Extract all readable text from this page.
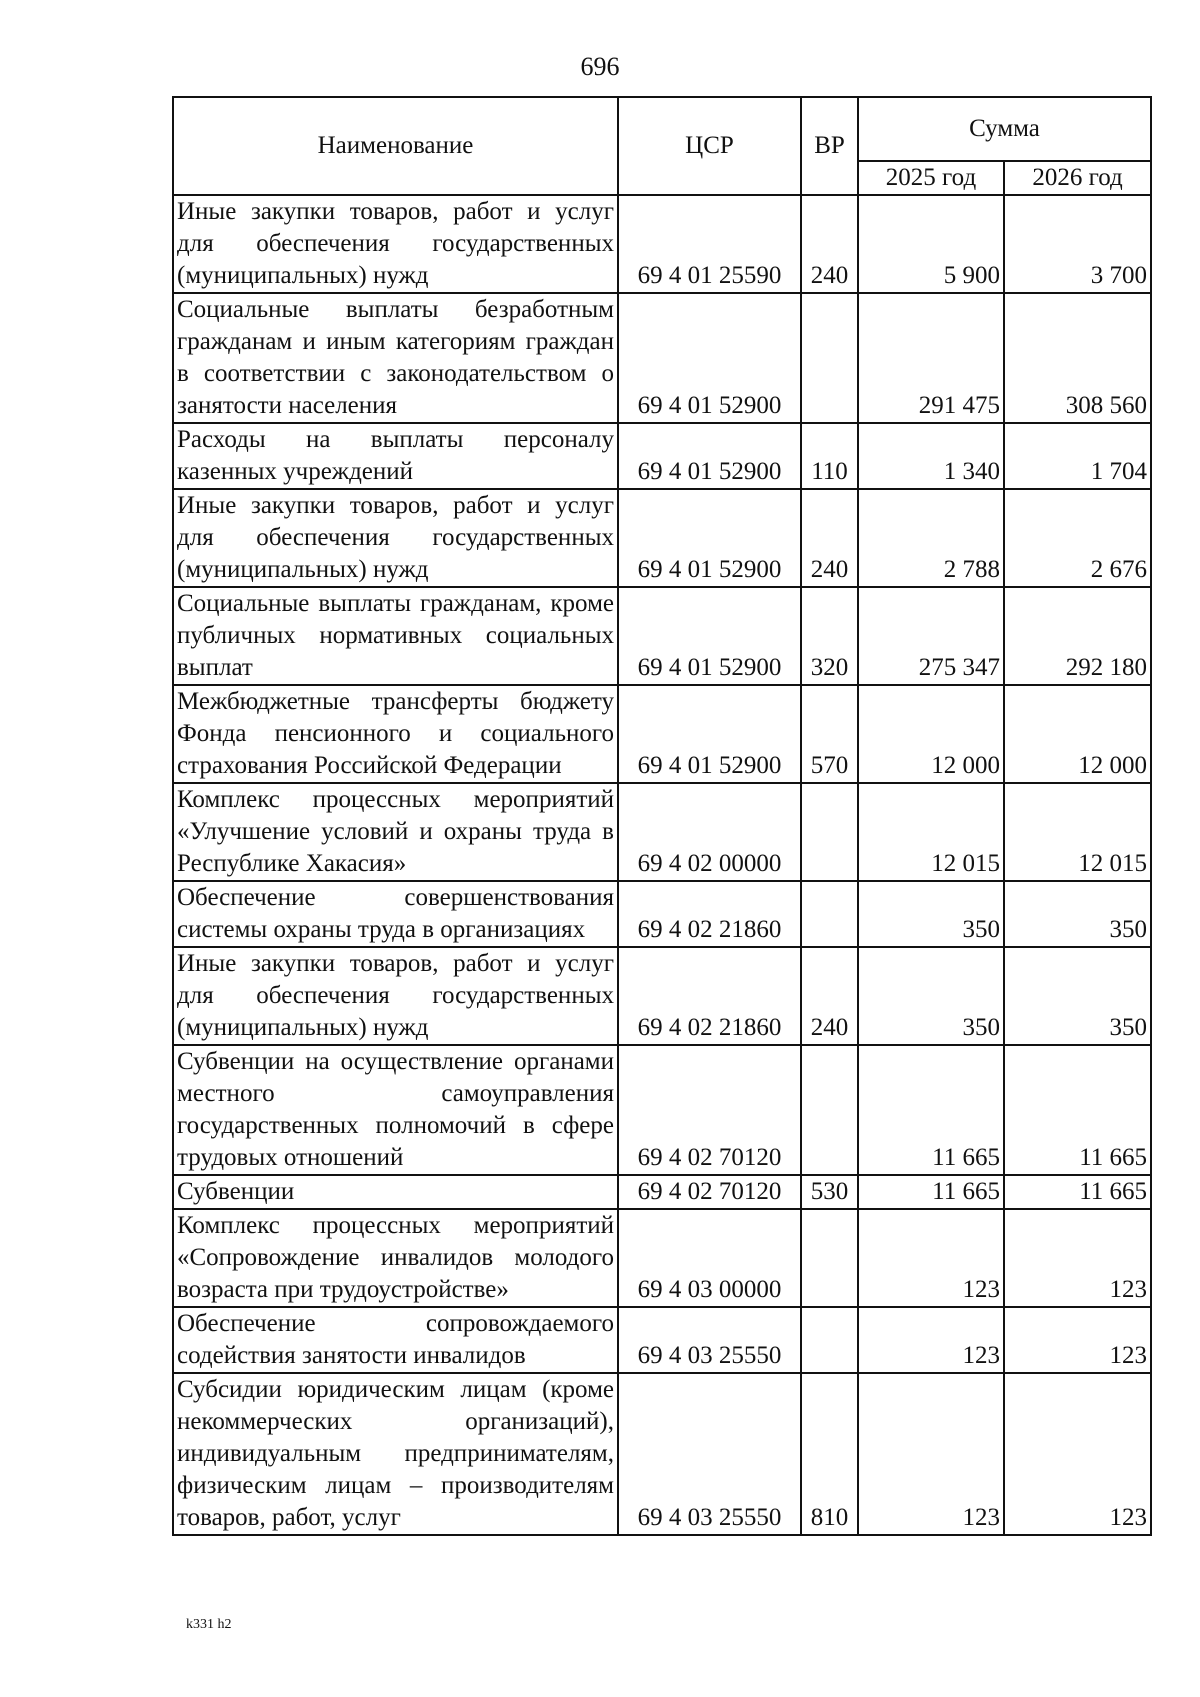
696
Наименование	ЦСР	ВР	Сумма	
			2025 год	2026 год
Иные закупки товаров, работ и услуг для обеспечения государственных (муниципальных) нужд	69 4 01 25590	240	5 900	3 700
Социальные выплаты безработным гражданам и иным категориям граждан в соответствии с законодательством о занятости населения	69 4 01 52900		291 475	308 560
Расходы на выплаты персоналу казенных учреждений	69 4 01 52900	110	1 340	1 704
Иные закупки товаров, работ и услуг для обеспечения государственных (муниципальных) нужд	69 4 01 52900	240	2 788	2 676
Социальные выплаты гражданам, кроме публичных нормативных социальных выплат	69 4 01 52900	320	275 347	292 180
Межбюджетные трансферты бюджету Фонда пенсионного и социального страхования Российской Федерации	69 4 01 52900	570	12 000	12 000
Комплекс процессных мероприятий «Улучшение условий и охраны труда в Республике Хакасия»	69 4 02 00000		12 015	12 015
Обеспечение совершенствования системы охраны труда в организациях	69 4 02 21860		350	350
Иные закупки товаров, работ и услуг для обеспечения государственных (муниципальных) нужд	69 4 02 21860	240	350	350
Субвенции на осуществление органами местного самоуправления государственных полномочий в сфере трудовых отношений	69 4 02 70120		11 665	11 665
Субвенции	69 4 02 70120	530	11 665	11 665
Комплекс процессных мероприятий «Сопровождение инвалидов молодого возраста при трудоустройстве»	69 4 03 00000		123	123
Обеспечение сопровождаемого содействия занятости инвалидов	69 4 03 25550		123	123
Субсидии юридическим лицам (кроме некоммерческих организаций), индивидуальным предпринимателям, физическим лицам – производителям товаров, работ, услуг	69 4 03 25550	810	123	123
k331 h2
